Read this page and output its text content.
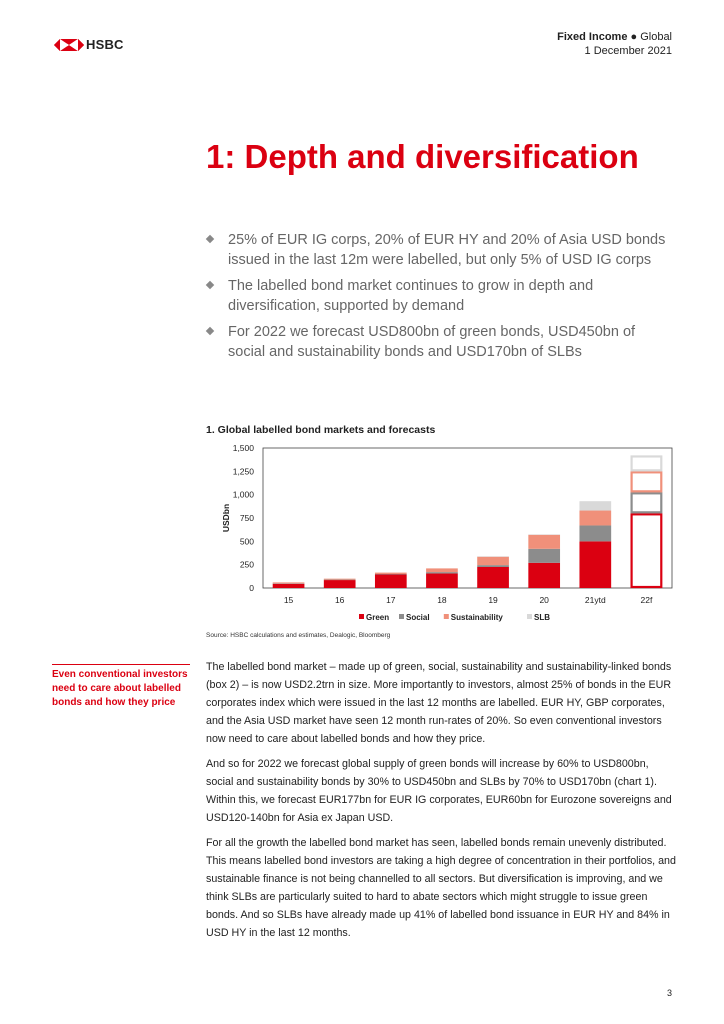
HSBC	Fixed Income ● Global
1 December 2021
1: Depth and diversification
25% of EUR IG corps, 20% of EUR HY and 20% of Asia USD bonds issued in the last 12m were labelled, but only 5% of USD IG corps
The labelled bond market continues to grow in depth and diversification, supported by demand
For 2022 we forecast USD800bn of green bonds, USD450bn of social and sustainability bonds and USD170bn of SLBs
1. Global labelled bond markets and forecasts
0
250
500
750
1,000
1,250
1,500
USDbn
15	16	17	18	19	20	21ytd	22f
Green Social	Sustainability	SLB
Source: HSBC calculations and estimates, Dealogic, Bloomberg
Even conventional investors need to care about labelled bonds and how they price

The labelled bond market – made up of green, social, sustainability and sustainability-linked bonds (box 2) – is now USD2.2trn in size. More importantly to investors, almost 25% of bonds in the EUR corporates index which were issued in the last 12 months are labelled. EUR HY, GBP corporates, and the Asia USD market have seen 12 month run-rates of 20%. So even conventional investors now need to care about labelled bonds and how they price.

And so for 2022 we forecast global supply of green bonds will increase by 60% to USD800bn, social and sustainability bonds by 30% to USD450bn and SLBs by 70% to USD170bn (chart 1). Within this, we forecast EUR177bn for EUR IG corporates, EUR60bn for Eurozone sovereigns and USD120-140bn for Asia ex Japan USD.

For all the growth the labelled bond market has seen, labelled bonds remain unevenly distributed. This means labelled bond investors are taking a high degree of concentration in their portfolios, and sustainable finance is not being channelled to all sectors. But diversification is improving, and we think SLBs are particularly suited to hard to abate sectors which might struggle to issue green bonds. And so SLBs have already made up 41% of labelled bond issuance in EUR HY and 84% in USD HY in the last 12 months.

3
